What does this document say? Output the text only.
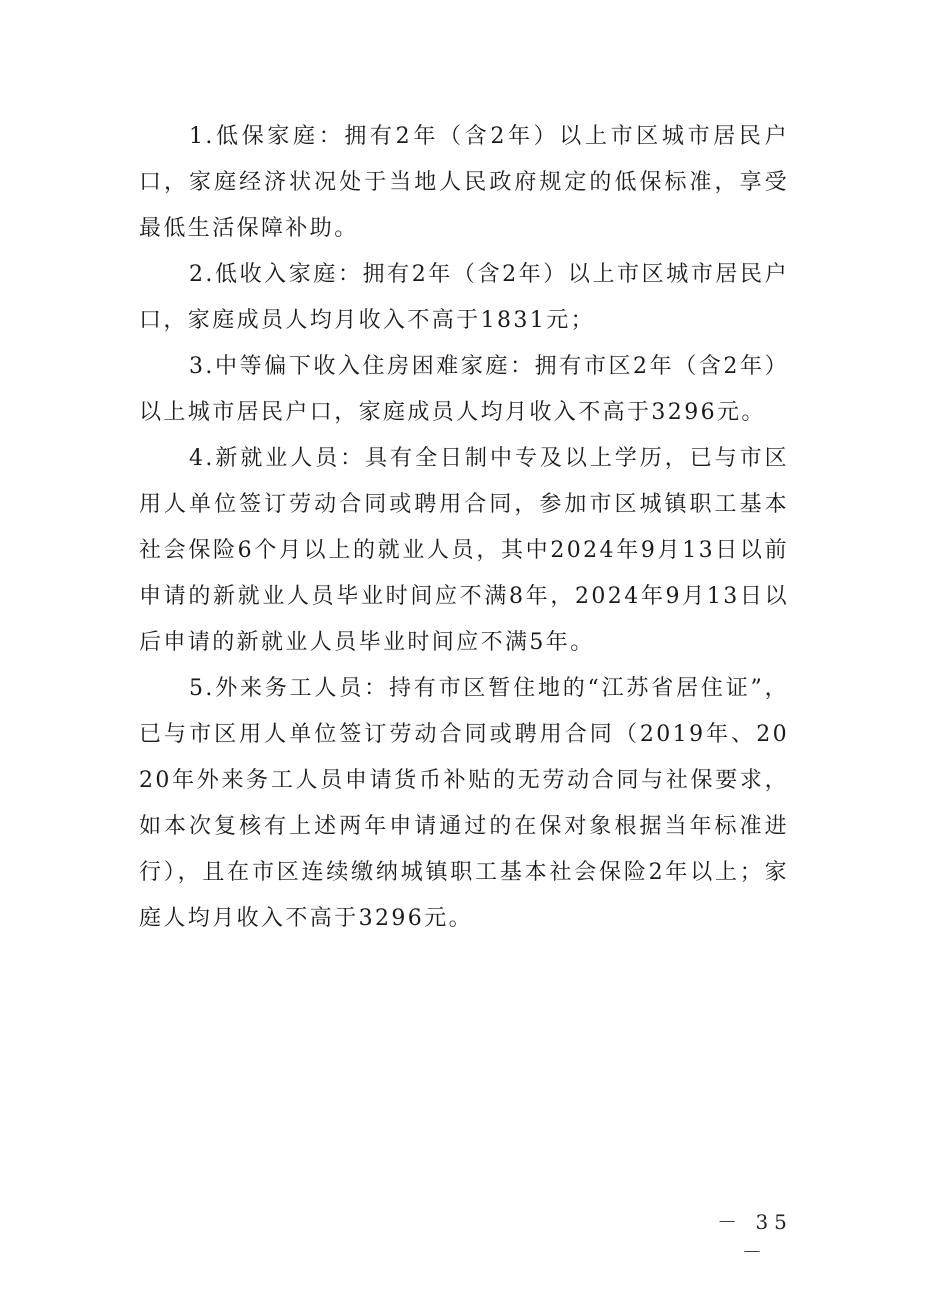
1.低保家庭：拥有2年（含2年）以上市区城市居民户口，家庭经济状况处于当地人民政府规定的低保标准，享受最低生活保障补助。

2.低收入家庭：拥有2年（含2年）以上市区城市居民户口，家庭成员人均月收入不高于1831元；

3.中等偏下收入住房困难家庭：拥有市区2年（含2年）以上城市居民户口，家庭成员人均月收入不高于3296元。

4.新就业人员：具有全日制中专及以上学历，已与市区用人单位签订劳动合同或聘用合同，参加市区城镇职工基本社会保险6个月以上的就业人员，其中2024年9月13日以前申请的新就业人员毕业时间应不满8年，2024年9月13日以后申请的新就业人员毕业时间应不满5年。

5.外来务工人员：持有市区暂住地的“江苏省居住证”，已与市区用人单位签订劳动合同或聘用合同（2019年、2020年外来务工人员申请货币补贴的无劳动合同与社保要求，如本次复核有上述两年申请通过的在保对象根据当年标准进行），且在市区连续缴纳城镇职工基本社会保险2年以上；家庭人均月收入不高于3296元。

－ 35 －
